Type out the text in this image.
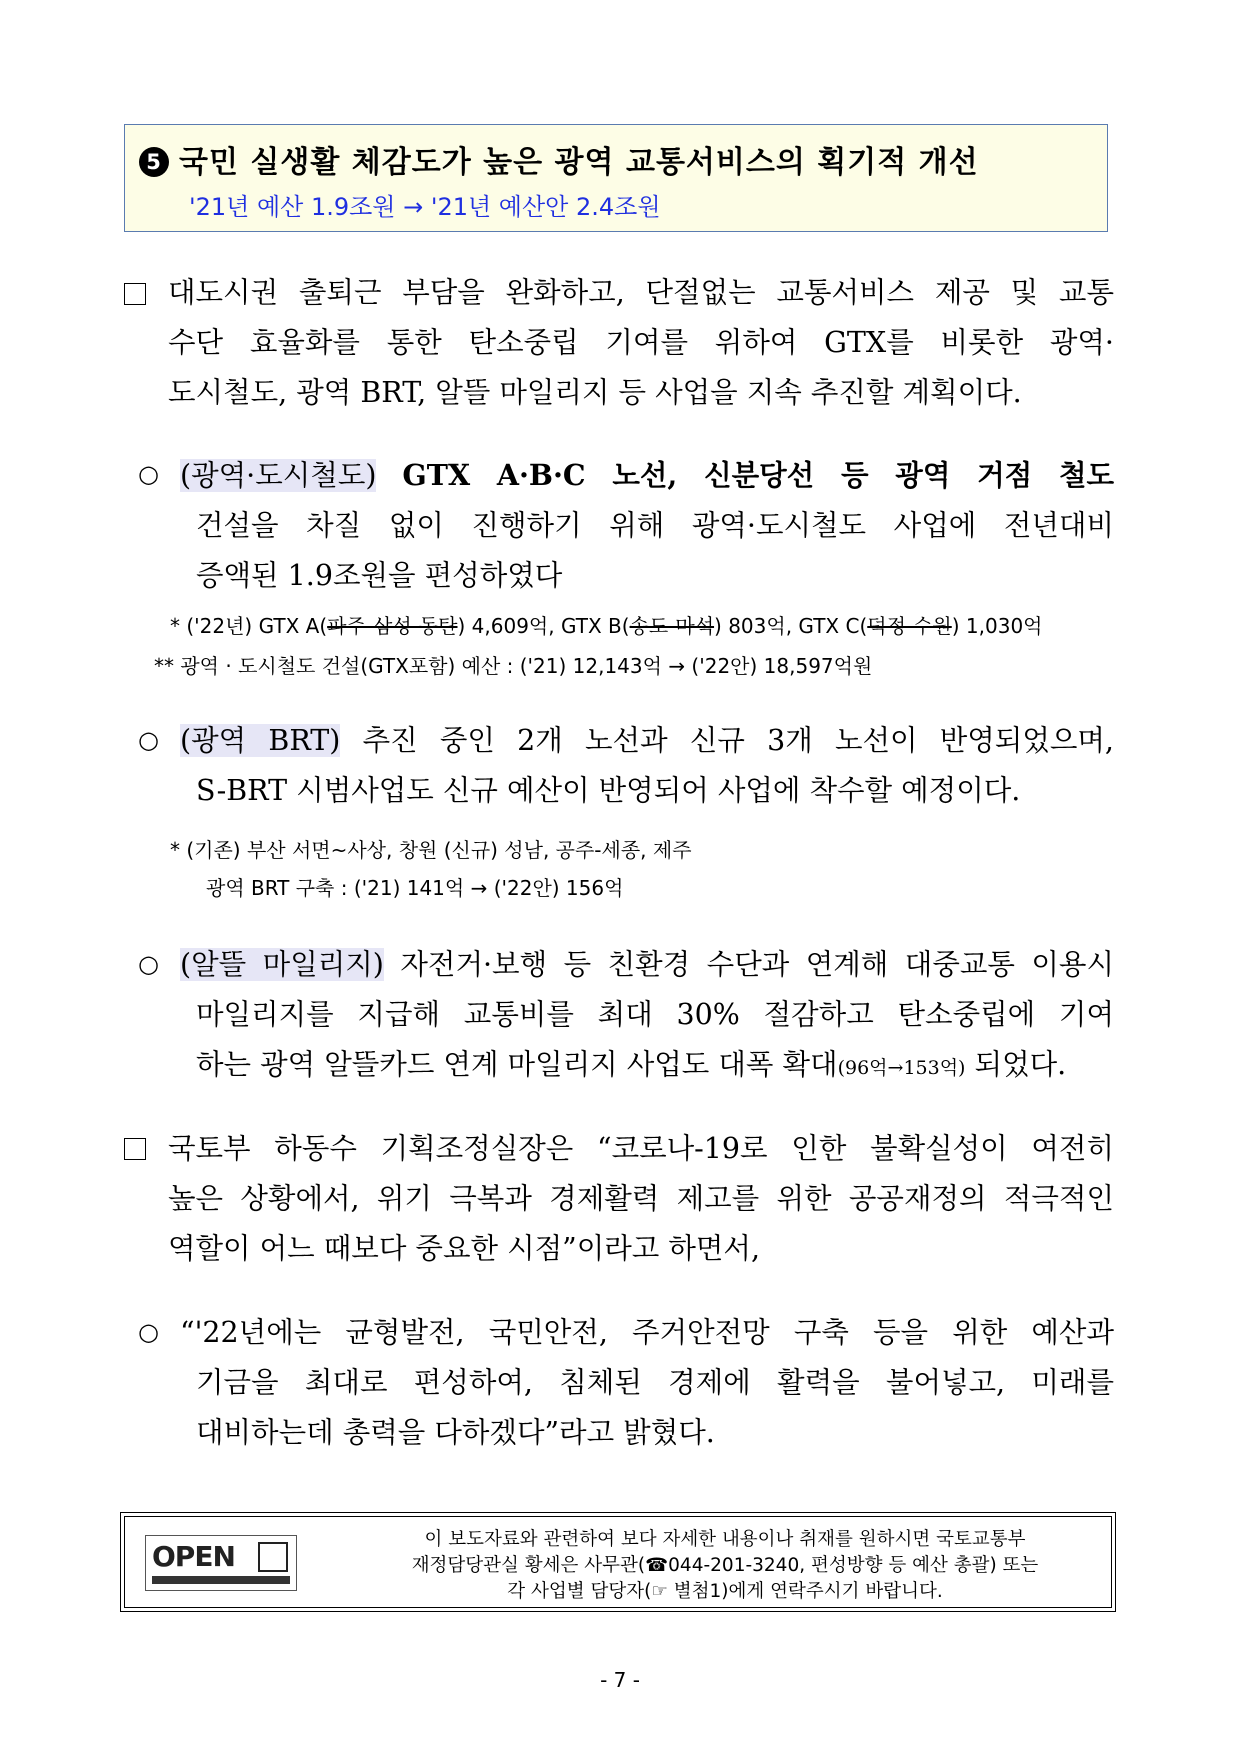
5 국민 실생활 체감도가 높은 광역 교통서비스의 획기적 개선
'21년 예산 1.9조원 → '21년 예산안 2.4조원
대도시권 출퇴근 부담을 완화하고, 단절없는 교통서비스 제공 및 교통
수단 효율화를 통한 탄소중립 기여를 위하여 GTX를 비롯한 광역·
도시철도, 광역 BRT, 알뜰 마일리지 등 사업을 지속 추진할 계획이다.
○ (광역·도시철도) GTX A·B·C 노선, 신분당선 등 광역 거점 철도
건설을 차질 없이 진행하기 위해 광역·도시철도 사업에 전년대비
증액된 1.9조원을 편성하였다
* ('22년) GTX A(파주-삼성-동탄) 4,609억, GTX B(송도-마석) 803억, GTX C(덕정-수원) 1,030억
** 광역 · 도시철도 건설(GTX포함) 예산 : ('21) 12,143억 → ('22안) 18,597억원
○ (광역 BRT) 추진 중인 2개 노선과 신규 3개 노선이 반영되었으며,
S-BRT 시범사업도 신규 예산이 반영되어 사업에 착수할 예정이다.
* (기존) 부산 서면~사상, 창원 (신규) 성남, 공주-세종, 제주
광역 BRT 구축 : ('21) 141억 → ('22안) 156억
○ (알뜰 마일리지) 자전거·보행 등 친환경 수단과 연계해 대중교통 이용시
마일리지를 지급해 교통비를 최대 30% 절감하고 탄소중립에 기여
하는 광역 알뜰카드 연계 마일리지 사업도 대폭 확대(96억→153억) 되었다.
국토부 하동수 기획조정실장은 “코로나-19로 인한 불확실성이 여전히
높은 상황에서, 위기 극복과 경제활력 제고를 위한 공공재정의 적극적인
역할이 어느 때보다 중요한 시점”이라고 하면서,
○ “'22년에는 균형발전, 국민안전, 주거안전망 구축 등을 위한 예산과
기금을 최대로 편성하여, 침체된 경제에 활력을 불어넣고, 미래를
대비하는데 총력을 다하겠다”라고 밝혔다.
OPEN
이 보도자료와 관련하여 보다 자세한 내용이나 취재를 원하시면 국토교통부
재정담당관실 황세은 사무관(☎044-201-3240, 편성방향 등 예산 총괄) 또는
각 사업별 담당자(☞ 별첨1)에게 연락주시기 바랍니다.
- 7 -
